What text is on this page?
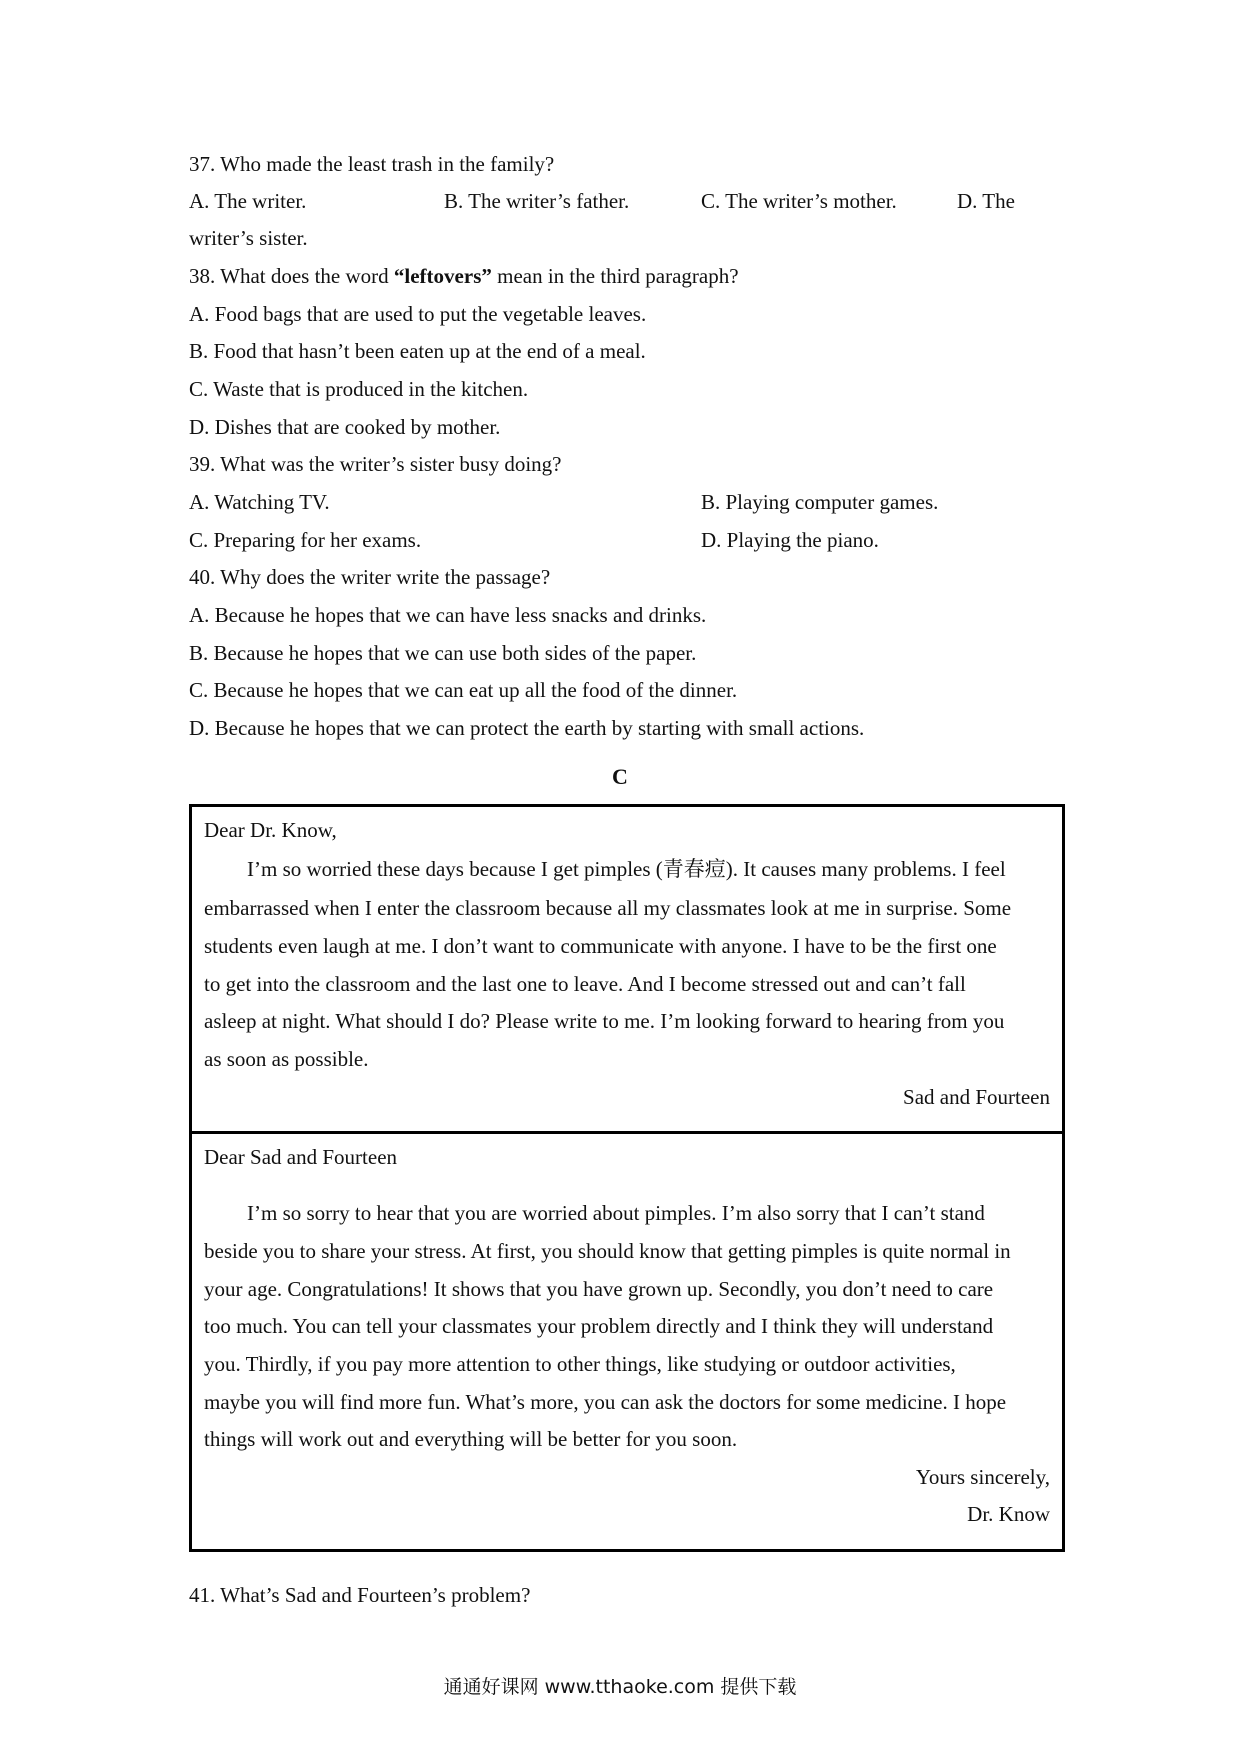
37. Who made the least trash in the family?
A. The writer.	B. The writer’s father.	C. The writer’s mother.	D. The
writer’s sister.
38. What does the word “leftovers” mean in the third paragraph?
A. Food bags that are used to put the vegetable leaves.
B. Food that hasn’t been eaten up at the end of a meal.
C. Waste that is produced in the kitchen.
D. Dishes that are cooked by mother.
39. What was the writer’s sister busy doing?
A. Watching TV.	B. Playing computer games.
C. Preparing for her exams.	D. Playing the piano.
40. Why does the writer write the passage?
A. Because he hopes that we can have less snacks and drinks.
B. Because he hopes that we can use both sides of the paper.
C. Because he hopes that we can eat up all the food of the dinner.
D. Because he hopes that we can protect the earth by starting with small actions.
C
Dear Dr. Know,
I’m so worried these days because I get pimples (青春痘). It causes many problems. I feel
embarrassed when I enter the classroom because all my classmates look at me in surprise. Some
students even laugh at me. I don’t want to communicate with anyone. I have to be the first one
to get into the classroom and the last one to leave. And I become stressed out and can’t fall
asleep at night. What should I do? Please write to me. I’m looking forward to hearing from you
as soon as possible.
Sad and Fourteen
Dear Sad and Fourteen
I’m so sorry to hear that you are worried about pimples. I’m also sorry that I can’t stand
beside you to share your stress. At first, you should know that getting pimples is quite normal in
your age. Congratulations! It shows that you have grown up. Secondly, you don’t need to care
too much. You can tell your classmates your problem directly and I think they will understand
you. Thirdly, if you pay more attention to other things, like studying or outdoor activities,
maybe you will find more fun. What’s more, you can ask the doctors for some medicine. I hope
things will work out and everything will be better for you soon.
Yours sincerely,
Dr. Know
41. What’s Sad and Fourteen’s problem?
通通好课网 www.tthaoke.com 提供下载
